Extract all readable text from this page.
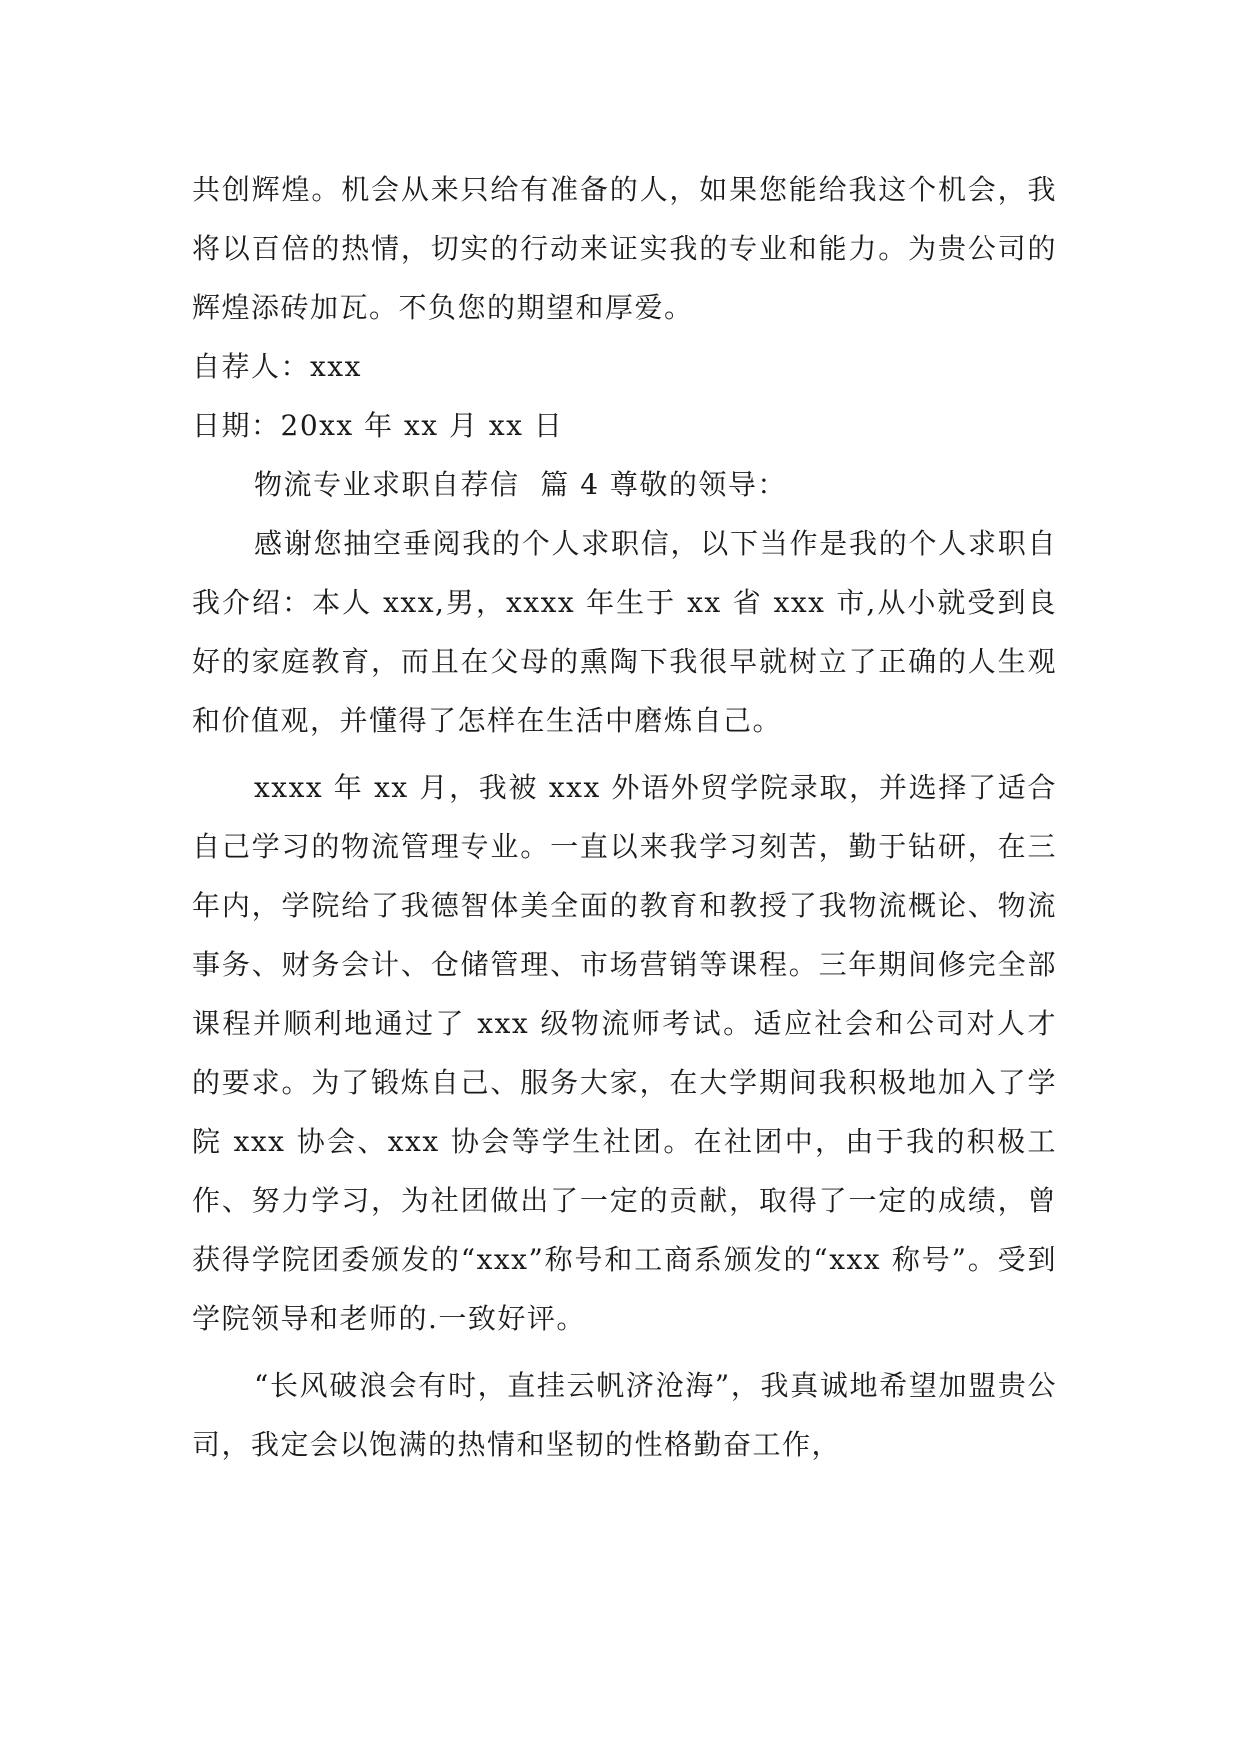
共创辉煌。机会从来只给有准备的人，如果您能给我这个机会，我将以百倍的热情，切实的行动来证实我的专业和能力。为贵公司的辉煌添砖加瓦。不负您的期望和厚爱。

自荐人：xxx

日期：20xx 年 xx 月 xx 日

物流专业求职自荐信  篇 4 尊敬的领导：

感谢您抽空垂阅我的个人求职信，以下当作是我的个人求职自我介绍：本人 xxx,男，xxxx 年生于 xx 省 xxx 市,从小就受到良好的家庭教育，而且在父母的熏陶下我很早就树立了正确的人生观和价值观，并懂得了怎样在生活中磨炼自己。

xxxx 年 xx 月，我被 xxx 外语外贸学院录取，并选择了适合自己学习的物流管理专业。一直以来我学习刻苦，勤于钻研，在三年内，学院给了我德智体美全面的教育和教授了我物流概论、物流事务、财务会计、仓储管理、市场营销等课程。三年期间修完全部课程并顺利地通过了 xxx 级物流师考试。适应社会和公司对人才的要求。为了锻炼自己、服务大家，在大学期间我积极地加入了学院 xxx 协会、xxx 协会等学生社团。在社团中，由于我的积极工作、努力学习，为社团做出了一定的贡献，取得了一定的成绩，曾获得学院团委颁发的“xxx”称号和工商系颁发的“xxx 称号”。受到学院领导和老师的.一致好评。

“长风破浪会有时，直挂云帆济沧海”，我真诚地希望加盟贵公司，我定会以饱满的热情和坚韧的性格勤奋工作，
